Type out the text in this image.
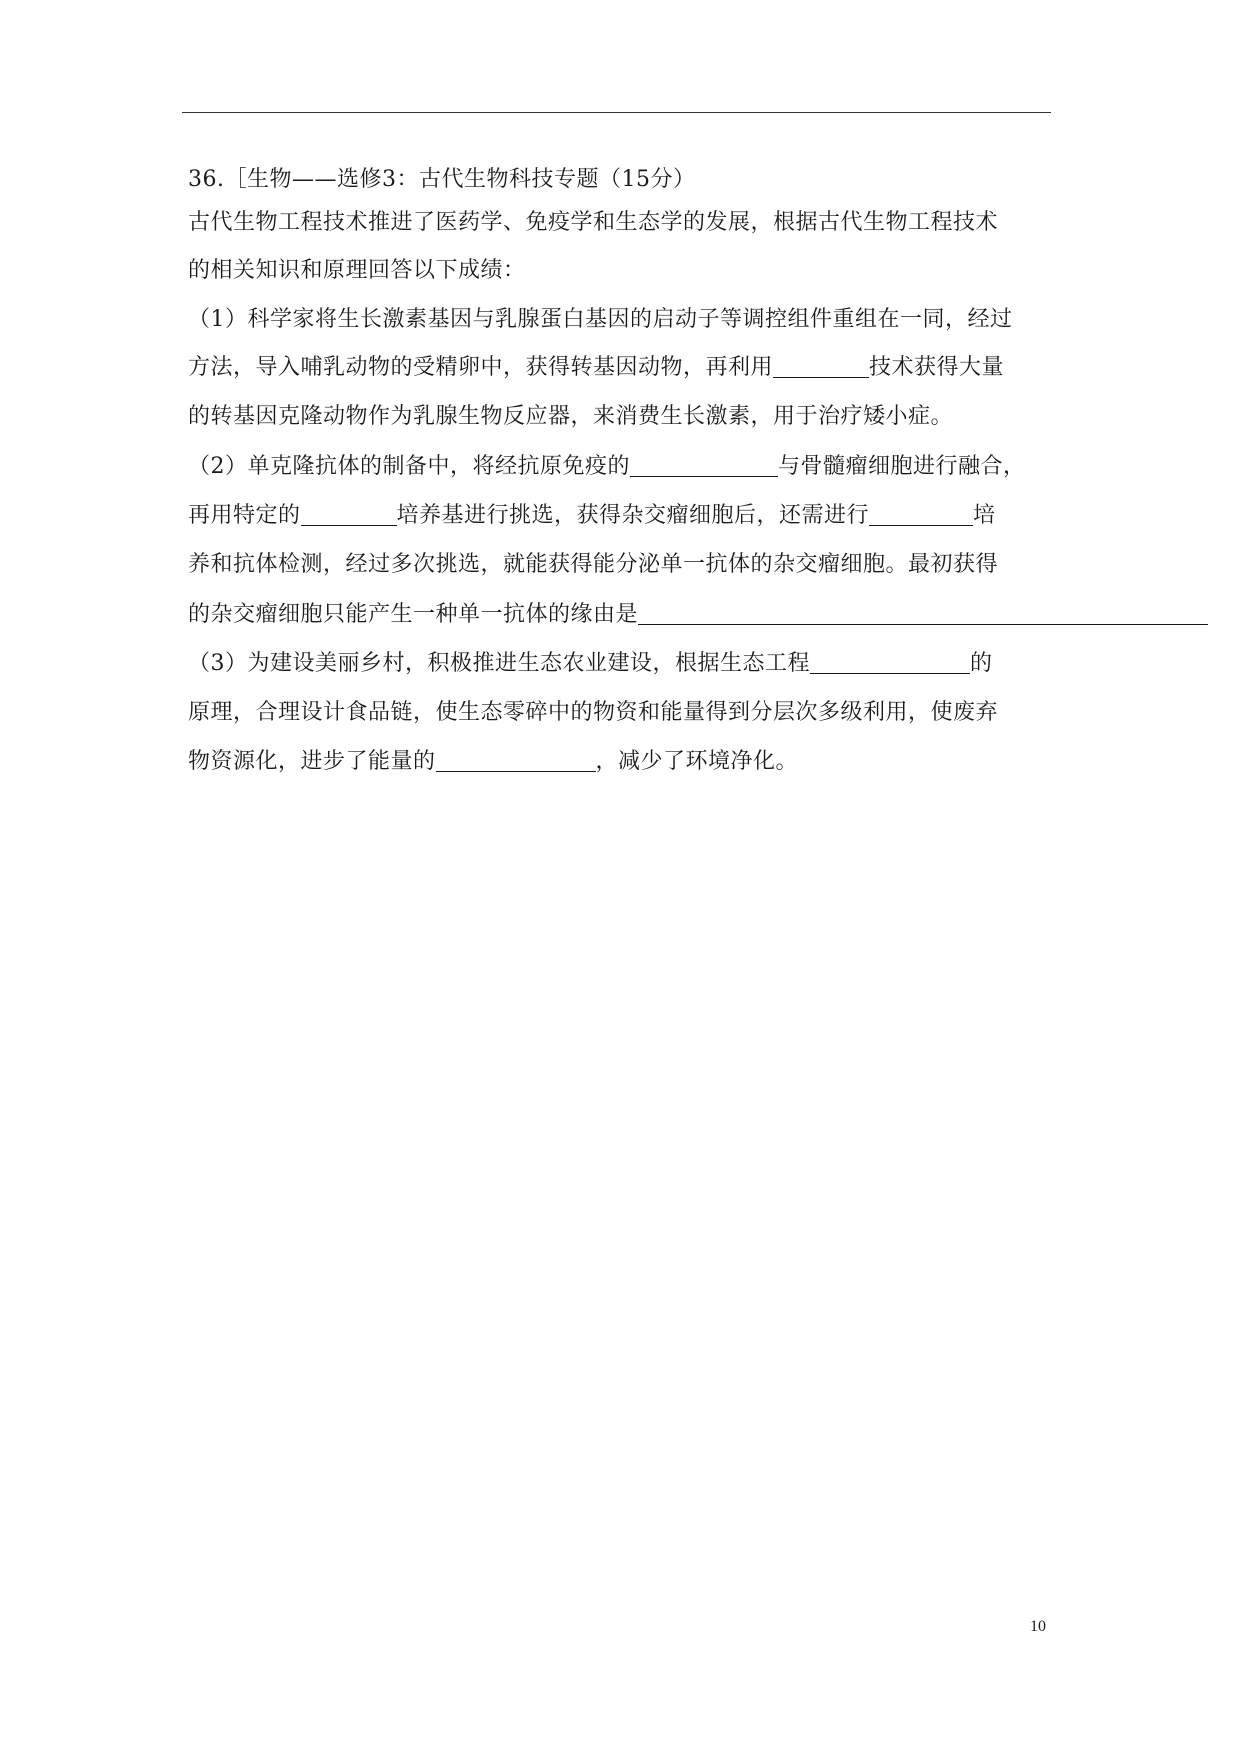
36.［生物——选修3：古代生物科技专题（15分）
古代生物工程技术推进了医药学、免疫学和生态学的发展，根据古代生物工程技术
的相关知识和原理回答以下成绩：
（1）科学家将生长激素基因与乳腺蛋白基因的启动子等调控组件重组在一同，经过
方法，导入哺乳动物的受精卵中，获得转基因动物，再利用	技术获得大量
的转基因克隆动物作为乳腺生物反应器，来消费生长激素，用于治疗矮小症。
（2）单克隆抗体的制备中，将经抗原免疫的	与骨髓瘤细胞进行融合，
再用特定的	培养基进行挑选，获得杂交瘤细胞后，还需进行	培
养和抗体检测，经过多次挑选，就能获得能分泌单一抗体的杂交瘤细胞。最初获得
的杂交瘤细胞只能产生一种单一抗体的缘由是
（3）为建设美丽乡村，积极推进生态农业建设，根据生态工程	的
原理，合理设计食品链，使生态零碎中的物资和能量得到分层次多级利用，使废弃
物资源化，进步了能量的	，减少了环境净化。
10
